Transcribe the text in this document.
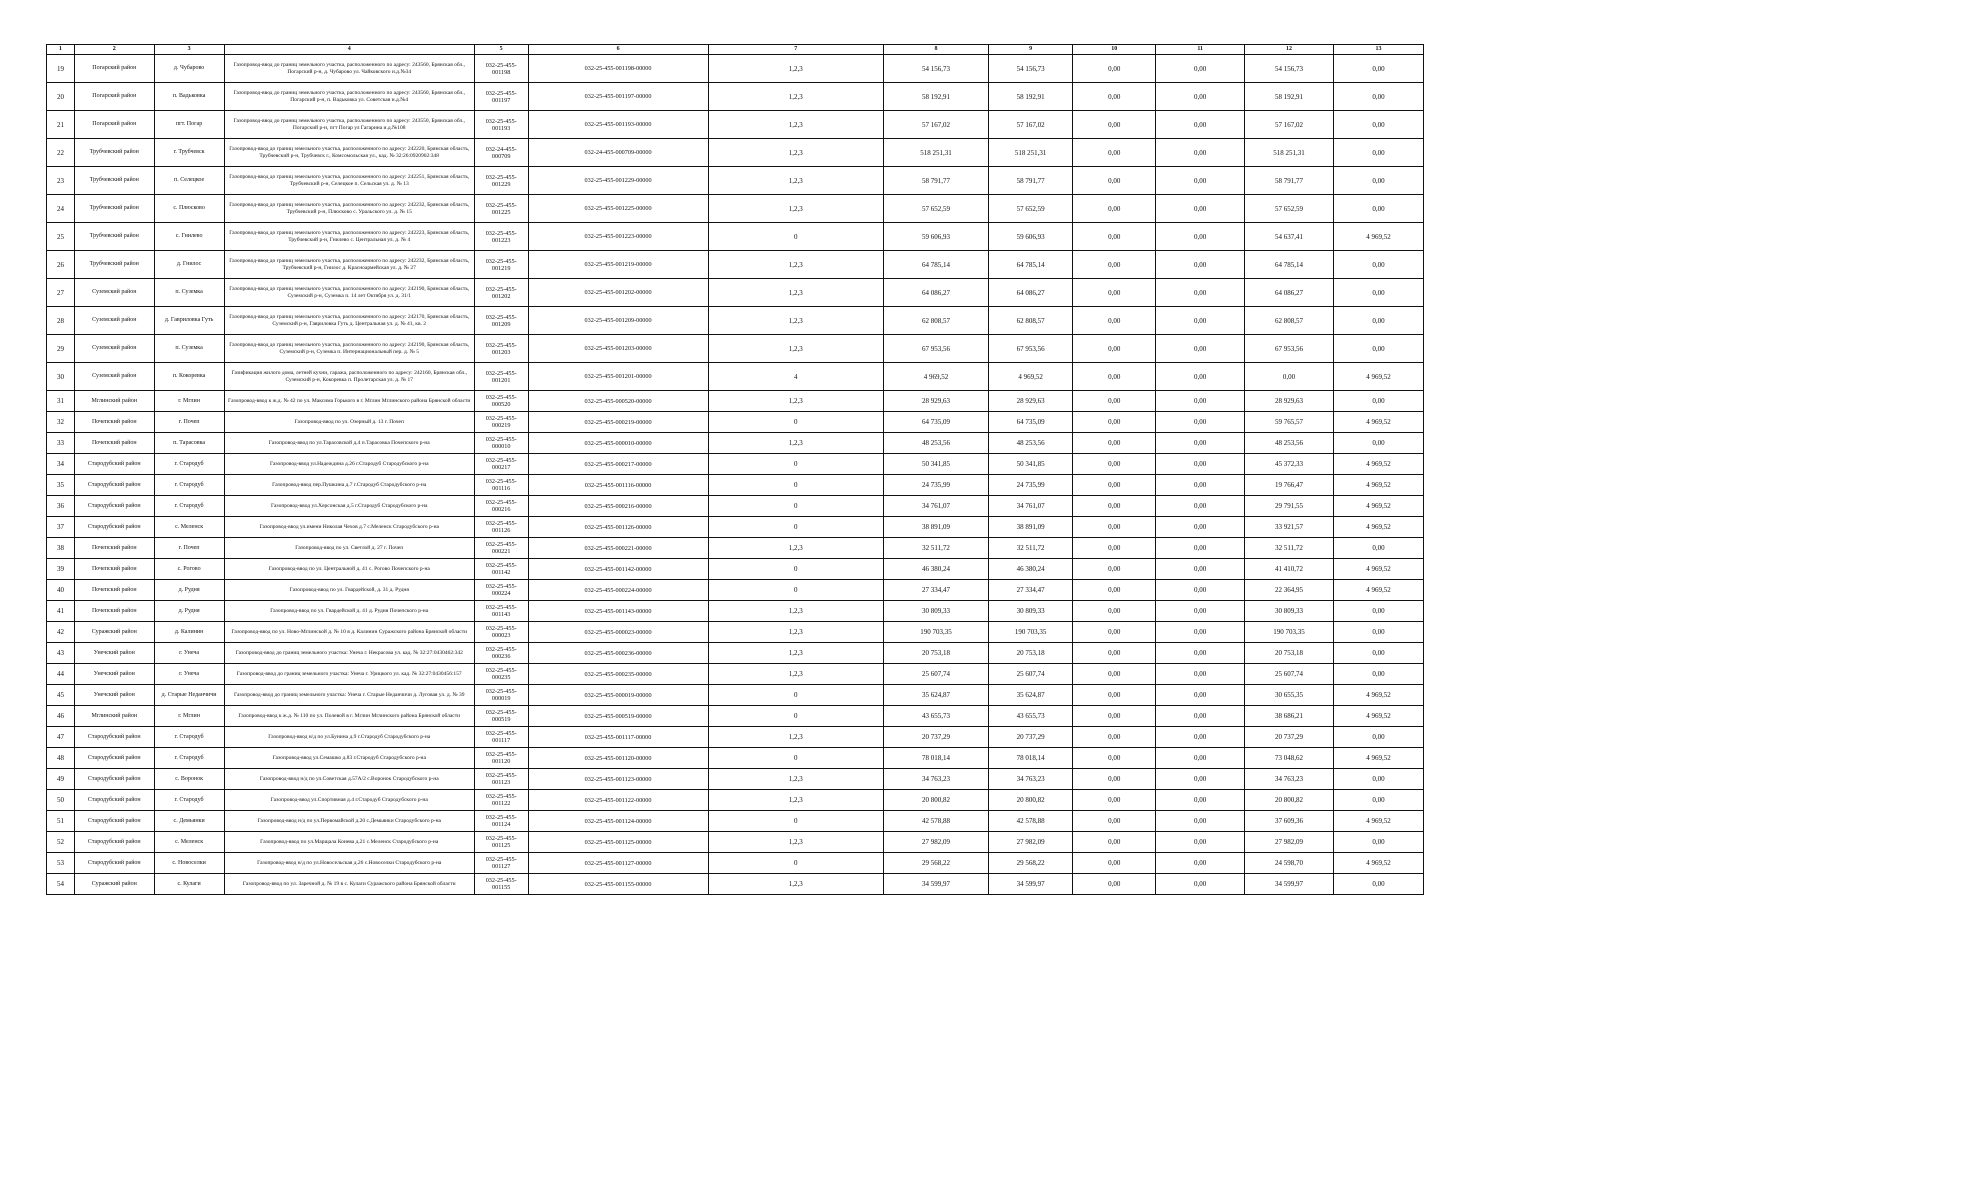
1	2	3	4	5	6	7	8	9	10	11	12	13
19	Погарский район	д. Чубарово	Газопровод-ввод до границ земельного участка, расположенного по адресу: 243560, Брянская обл., Погарский р-н, д. Чубарово ул. Чайковского и.д.№34	032-25-455-001198	032-25-455-001198-00000	1,2,3	54 156,73	54 156,73	0,00	0,00	54 156,73	0,00
20	Погарский район	п. Вадьковка	Газопровод-ввод до границ земельного участка, расположенного по адресу: 243560, Брянская обл., Погарский р-н, п. Вадьковка ул. Советская и.д.№4	032-25-455-001197	032-25-455-001197-00000	1,2,3	58 192,91	58 192,91	0,00	0,00	58 192,91	0,00
21	Погарский район	пгт. Погар	Газопровод-ввод до границ земельного участка, расположенного по адресу: 243550, Брянская обл., Погарский р-н, пгт Погар ул Гагарина и.д.№108	032-25-455-001193	032-25-455-001193-00000	1,2,3	57 167,02	57 167,02	0,00	0,00	57 167,02	0,00
22	Трубчевский район	г. Трубчевск	Газопровод-ввод до границ земельного участка, расположенного по адресу: 242220, Брянская область, Трубчевский р-н, Трубчевск г., Комсомольская ул., кад. № 32:26:0920902:348	032-24-455-000709	032-24-455-000709-00000	1,2,3	518 251,31	518 251,31	0,00	0,00	518 251,31	0,00
23	Трубчевский район	п. Селецкое	Газопровод-ввод до границ земельного участка, расположенного по адресу: 242251, Брянская область, Трубчевский р-н, Селецкое п. Сельская ул. д. № 13	032-25-455-001229	032-25-455-001229-00000	1,2,3	58 791,77	58 791,77	0,00	0,00	58 791,77	0,00
24	Трубчевский район	с. Плюсково	Газопровод-ввод до границ земельного участка, расположенного по адресу: 242232, Брянская область, Трубчевский р-н, Плюсково с. Уральского ул. д. № 15	032-25-455-001225	032-25-455-001225-00000	1,2,3	57 652,59	57 652,59	0,00	0,00	57 652,59	0,00
25	Трубчевский район	с. Гнилево	Газопровод-ввод до границ земельного участка, расположенного по адресу: 242223, Брянская область, Трубчевский р-н, Гнилево с. Центральная ул. д. № 4	032-25-455-001223	032-25-455-001223-00000	0	59 606,93	59 606,93	0,00	0,00	54 637,41	4 969,52
26	Трубчевский район	д. Гнилос	Газопровод-ввод до границ земельного участка, расположенного по адресу: 242232, Брянская область, Трубчевский р-н, Гнилос д. Красноармейская ул. д. № 27	032-25-455-001219	032-25-455-001219-00000	1,2,3	64 785,14	64 785,14	0,00	0,00	64 785,14	0,00
27	Суземский район	п. Суземка	Газопровод-ввод до границ земельного участка, расположенного по адресу: 242190, Брянская область, Суземский р-н, Суземка п. 14 лет Октября ул. д. 31/1	032-25-455-001202	032-25-455-001202-00000	1,2,3	64 086,27	64 086,27	0,00	0,00	64 086,27	0,00
28	Суземский район	д. Гавриловка Гуть	Газопровод-ввод до границ земельного участка, расположенного по адресу: 242170, Брянская область, Суземский р-н, Гавриловка Гуть д. Центральная ул. д. № 41, кв. 2	032-25-455-001209	032-25-455-001209-00000	1,2,3	62 808,57	62 808,57	0,00	0,00	62 808,57	0,00
29	Суземский район	п. Суземка	Газопровод-ввод до границ земельного участка, расположенного по адресу: 242190, Брянская область, Суземский р-н, Суземка п. Интернациональный пер. д. № 5	032-25-455-001203	032-25-455-001203-00000	1,2,3	67 953,56	67 953,56	0,00	0,00	67 953,56	0,00
30	Суземский район	п. Кокоревка	Газификация жилого дома, летней кухни, гаража, расположенного по адресу: 242160, Брянская обл., Суземский р-н, Кокоревка п. Пролетарская ул. д. № 17	032-25-455-001201	032-25-455-001201-00000	4	4 969,52	4 969,52	0,00	0,00	0,00	4 969,52
31	Мглинский район	г. Мглин	Газопровод-ввод к ж.д. № 42 по ул. Максима Горького в г. Мглин Мглинского района Брянской области	032-25-455-000520	032-25-455-000520-00000	1,2,3	28 929,63	28 929,63	0,00	0,00	28 929,63	0,00
32	Почепский район	г. Почеп	Газопровод-ввод по ул. Озерный д. 13 г. Почеп	032-25-455-000219	032-25-455-000219-00000	0	64 735,09	64 735,09	0,00	0,00	59 765,57	4 969,52
33	Почепский район	п. Тарасовка	Газопровод-ввод по ул.Тарасовской д.4 п.Тарасовка Почепского р-на	032-25-455-000010	032-25-455-000010-00000	1,2,3	48 253,56	48 253,56	0,00	0,00	48 253,56	0,00
34	Стародубский район	г. Стародуб	Газопровод-ввод ул.Надеждина д.26 г.Стародуб Стародубского р-на	032-25-455-000217	032-25-455-000217-00000	0	50 341,85	50 341,85	0,00	0,00	45 372,33	4 969,52
35	Стародубский район	г. Стародуб	Газопровод-ввод пер.Пушкина д.7 г.Стародуб Стародубского р-на	032-25-455-001116	032-25-455-001116-00000	0	24 735,99	24 735,99	0,00	0,00	19 766,47	4 969,52
36	Стародубский район	г. Стародуб	Газопровод-ввод ул.Херсонская д.5 г.Стародуб Стародубского р-на	032-25-455-000216	032-25-455-000216-00000	0	34 761,07	34 761,07	0,00	0,00	29 791,55	4 969,52
37	Стародубский район	с. Меленск	Газопровод-ввод ул.имени Николая Чехов д.7 с.Меленск Стародубского р-на	032-25-455-001126	032-25-455-001126-00000	0	38 891,09	38 891,09	0,00	0,00	33 921,57	4 969,52
38	Почепский район	г. Почеп	Газопровод-ввод по ул. Светлой д. 27 г. Почеп	032-25-455-000221	032-25-455-000221-00000	1,2,3	32 511,72	32 511,72	0,00	0,00	32 511,72	0,00
39	Почепский район	с. Рогово	Газопровод-ввод по ул. Центральной д. 41 с. Рогово Почепского р-на	032-25-455-001142	032-25-455-001142-00000	0	46 380,24	46 380,24	0,00	0,00	41 410,72	4 969,52
40	Почепский район	д. Рудня	Газопровод-ввод по ул. Гвардейской, д. 31 д. Рудня	032-25-455-000224	032-25-455-000224-00000	0	27 334,47	27 334,47	0,00	0,00	22 364,95	4 969,52
41	Почепский район	д. Рудня	Газопровод-ввод по ул. Гвардейской д. 41 д. Рудня Почепского р-на	032-25-455-001143	032-25-455-001143-00000	1,2,3	30 809,33	30 809,33	0,00	0,00	30 809,33	0,00
42	Суражский район	д. Калинин	Газопровод-ввод по ул. Ново-Мглинской д. № 10 в д. Калинин Суражского района Брянской области	032-25-455-000023	032-25-455-000023-00000	1,2,3	190 703,35	190 703,35	0,00	0,00	190 703,35	0,00
43	Унечский район	г. Унеча	Газопровод-ввод до границ земельного участка: Унеча г. Некрасова ул. кад. № 32:27:0430462:342	032-25-455-000236	032-25-455-000236-00000	1,2,3	20 753,18	20 753,18	0,00	0,00	20 753,18	0,00
44	Унечский район	г. Унеча	Газопровод-ввод до границ земельного участка: Унеча г. Урицкого ул. кад. № 32:27:0430456:157	032-25-455-000235	032-25-455-000235-00000	1,2,3	25 607,74	25 607,74	0,00	0,00	25 607,74	0,00
45	Унечский район	д. Старые Неданчичи	Газопровод-ввод до границ земельного участка: Унеча г. Старые Неданчичи д. Луговая ул. д. № 39	032-25-455-000019	032-25-455-000019-00000	0	35 624,87	35 624,87	0,00	0,00	30 655,35	4 969,52
46	Мглинский район	г. Мглин	Газопровод-ввод к ж.д. № 110 по ул. Полевой в г. Мглин Мглинского района Брянской области	032-25-455-000519	032-25-455-000519-00000	0	43 655,73	43 655,73	0,00	0,00	38 686,21	4 969,52
47	Стародубский район	г. Стародуб	Газопровод-ввод н/д по ул.Бунина д.9 г.Стародуб Стародубского р-на	032-25-455-001117	032-25-455-001117-00000	1,2,3	20 737,29	20 737,29	0,00	0,00	20 737,29	0,00
48	Стародубский район	г. Стародуб	Газопровод-ввод ул.Семашко д.83 г.Стародуб Стародубского р-на	032-25-455-001120	032-25-455-001120-00000	0	78 018,14	78 018,14	0,00	0,00	73 048,62	4 969,52
49	Стародубский район	с. Воронок	Газопровод-ввод н/д по ул.Советская д.57А/2 с.Воронок Стародубского р-на	032-25-455-001123	032-25-455-001123-00000	1,2,3	34 763,23	34 763,23	0,00	0,00	34 763,23	0,00
50	Стародубский район	г. Стародуб	Газопровод-ввод ул.Спортивная д.4 г.Стародуб Стародубского р-на	032-25-455-001122	032-25-455-001122-00000	1,2,3	20 800,82	20 800,82	0,00	0,00	20 800,82	0,00
51	Стародубский район	с. Демьянки	Газопровод-ввод н/д по ул.Первомайской д.20 с.Демьянки Стародубского р-на	032-25-455-001124	032-25-455-001124-00000	0	42 578,88	42 578,88	0,00	0,00	37 609,36	4 969,52
52	Стародубский район	с. Меленск	Газопровод-ввод по ул.Марщала Конева д.21 с.Меленск Стародубского р-на	032-25-455-001125	032-25-455-001125-00000	1,2,3	27 982,09	27 982,09	0,00	0,00	27 982,09	0,00
53	Стародубский район	с. Новоселки	Газопровод-ввод н/д по ул.Новосельская д.26 с.Новоселки Стародубского р-на	032-25-455-001127	032-25-455-001127-00000	0	29 568,22	29 568,22	0,00	0,00	24 598,70	4 969,52
54	Суражский район	с. Кулаги	Газопровод-ввод по ул. Заречной д. № 19 в с. Кулаги Суражского района Брянской области	032-25-455-001155	032-25-455-001155-00000	1,2,3	34 599,97	34 599,97	0,00	0,00	34 599,97	0,00
